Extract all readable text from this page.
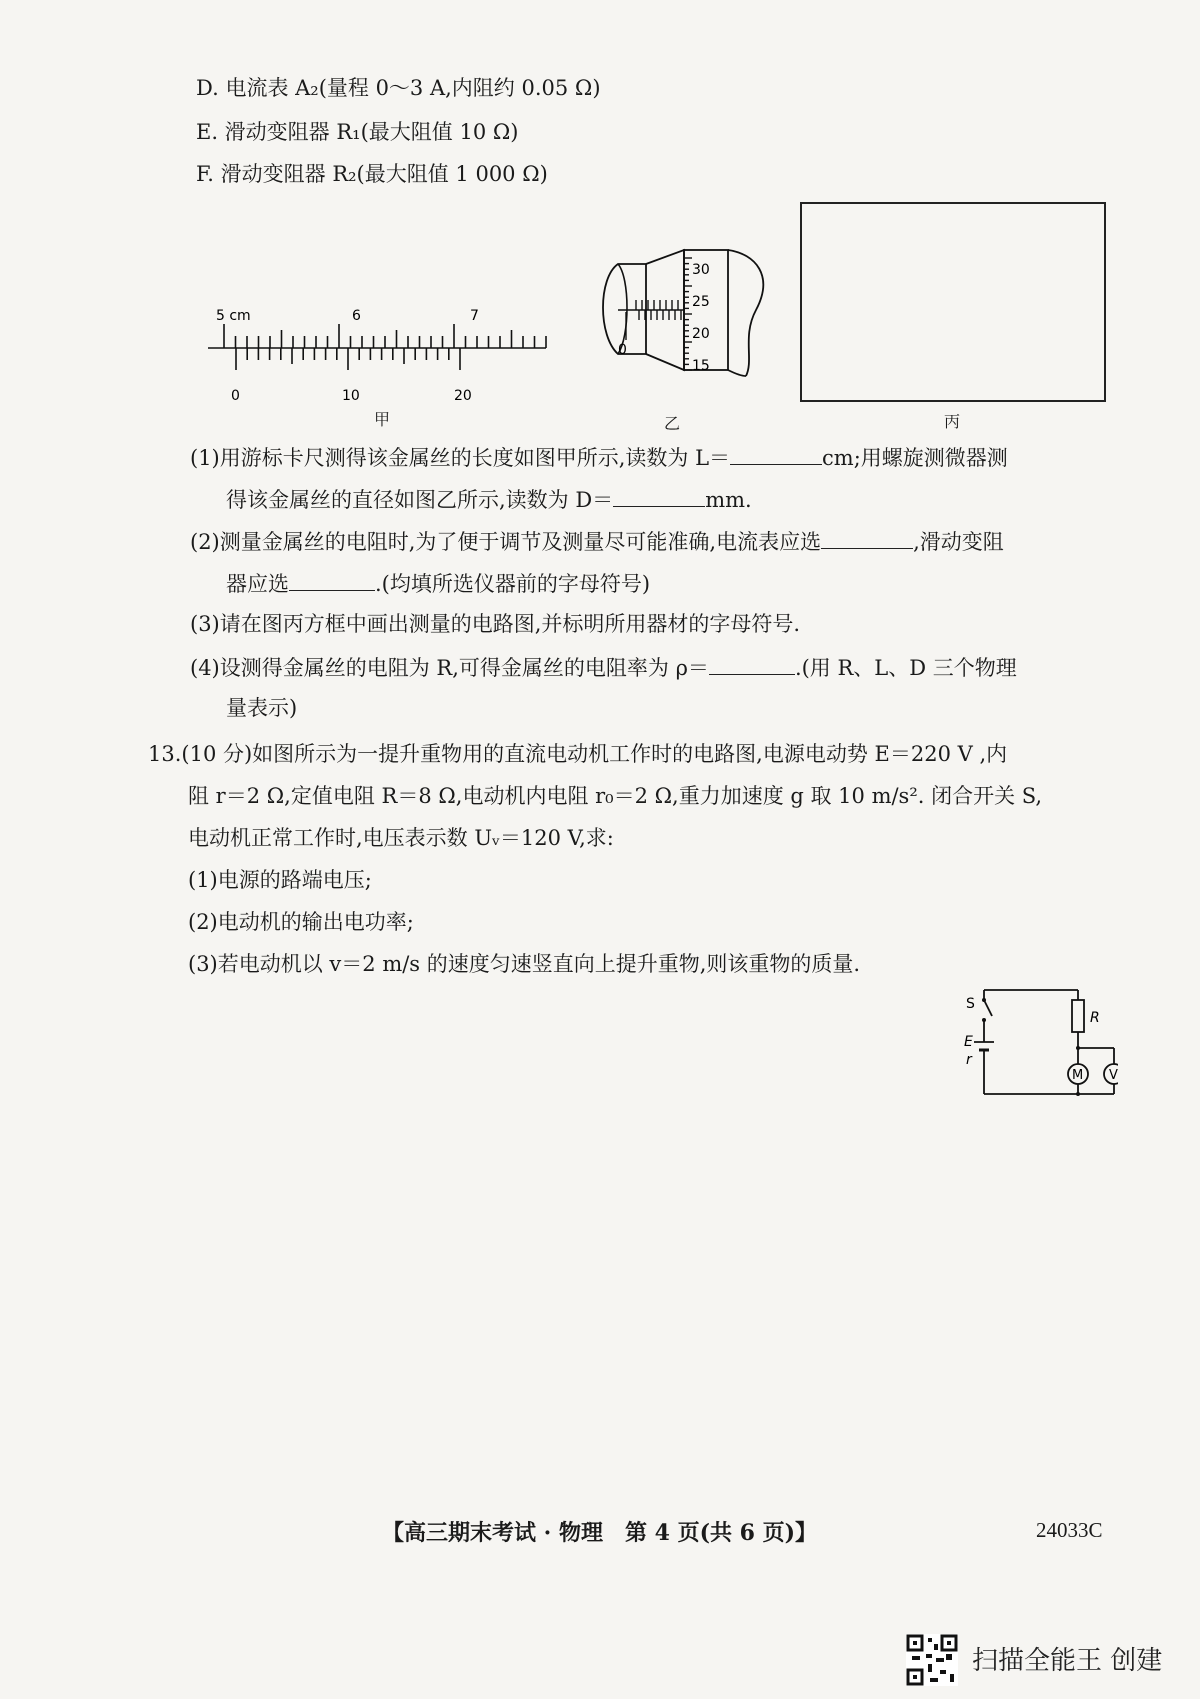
D. 电流表 A₂(量程 0～3 A,内阻约 0.05 Ω)
E. 滑动变阻器 R₁(最大阻值 10 Ω)
F. 滑动变阻器 R₂(最大阻值 1 000 Ω)
5 cm	6	7
0	10	20
甲
30
25
20
15
0
乙	丙
(1)用游标卡尺测得该金属丝的长度如图甲所示,读数为 L＝	cm;用螺旋测微器测
得该金属丝的直径如图乙所示,读数为 D＝	mm.
(2)测量金属丝的电阻时,为了便于调节及测量尽可能准确,电流表应选	,滑动变阻
器应选	.(均填所选仪器前的字母符号)
(3)请在图丙方框中画出测量的电路图,并标明所用器材的字母符号.
(4)设测得金属丝的电阻为 R,可得金属丝的电阻率为 ρ＝	.(用 R、L、D 三个物理
量表示)
13.(10 分)如图所示为一提升重物用的直流电动机工作时的电路图,电源电动势 E＝220 V ,内
阻 r＝2 Ω,定值电阻 R＝8 Ω,电动机内电阻 r₀＝2 Ω,重力加速度 g 取 10 m/s². 闭合开关 S,
电动机正常工作时,电压表示数 Uᵥ＝120 V,求:
(1)电源的路端电压;
(2)电动机的输出电功率;
(3)若电动机以 v＝2 m/s 的速度匀速竖直向上提升重物,则该重物的质量.
S
E
r
R
M V
【高三期末考试 · 物理　第 4 页(共 6 页)】	24033C
扫描全能王 创建
